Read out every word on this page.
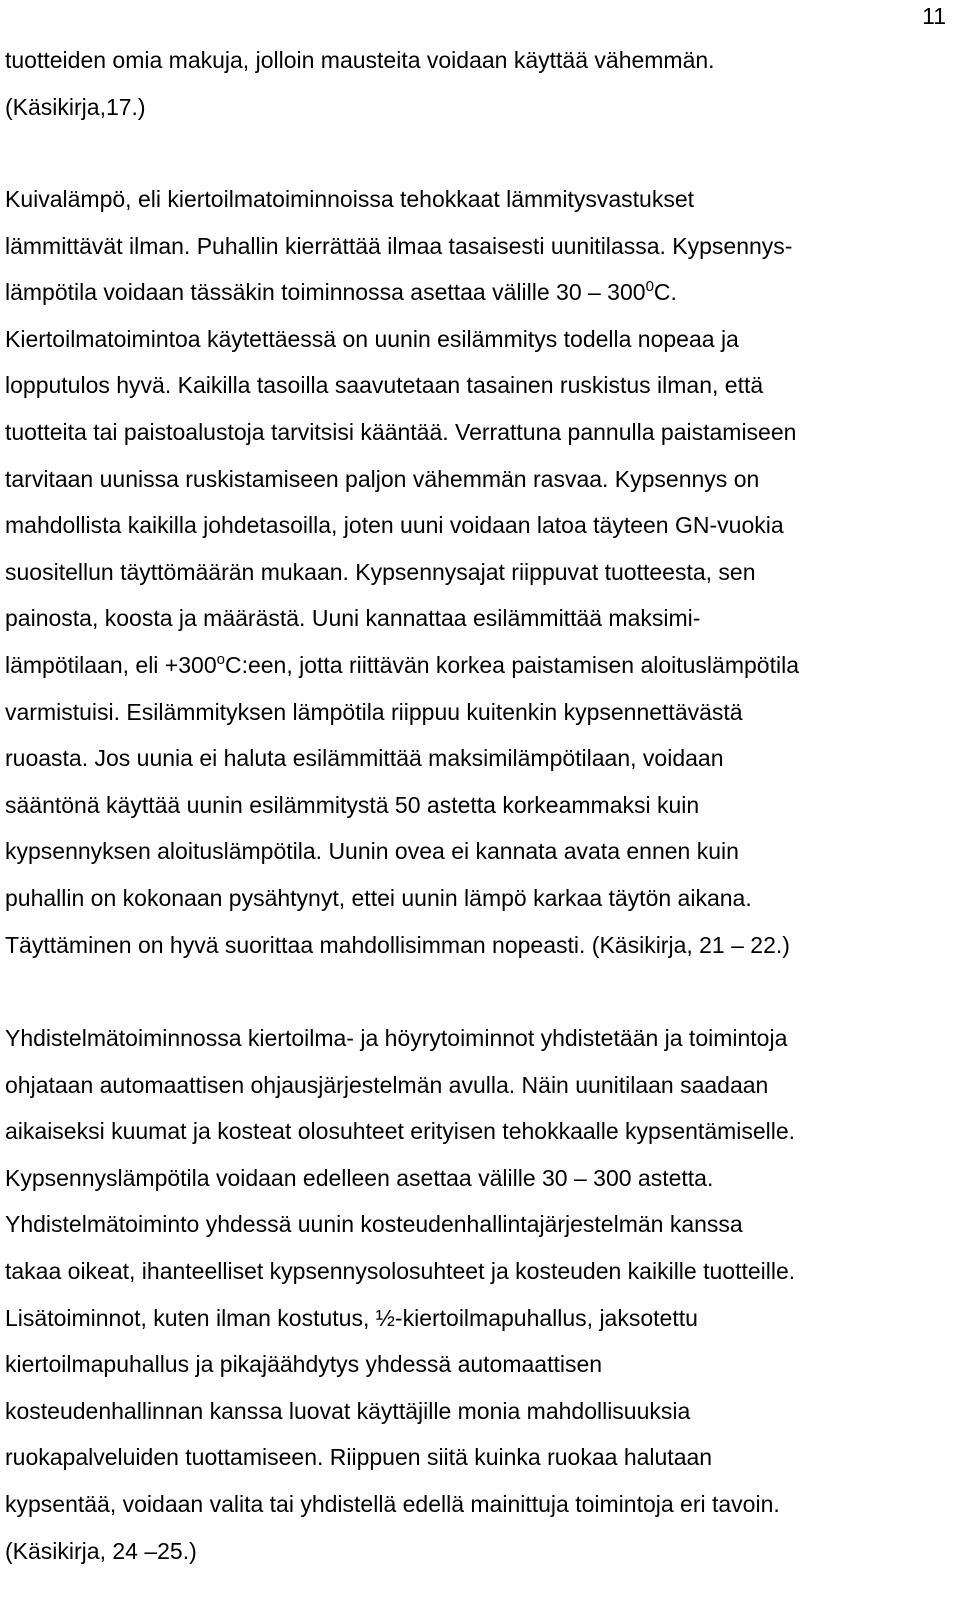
11
tuotteiden omia makuja, jolloin mausteita voidaan käyttää vähemmän.
(Käsikirja,17.)
Kuivalämpö, eli kiertoilmatoiminnoissa tehokkaat lämmitysvastukset
lämmittävät ilman. Puhallin kierrättää ilmaa tasaisesti uunitilassa. Kypsennys-
lämpötila voidaan tässäkin toiminnossa asettaa välille $30 - 300^0C$.
Kiertoilmatoimintoa käytettäessä on uunin esilämmitys todella nopeaa ja
lopputulos hyvä. Kaikilla tasoilla saavutetaan tasainen ruskistus ilman, että
tuotteita tai paistoalustoja tarvitsisi kääntää. Verrattuna pannulla paistamiseen
tarvitaan uunissa ruskistamiseen paljon vähemmän rasvaa. Kypsennys on
mahdollista kaikilla johdetasoilla, joten uuni voidaan latoa täyteen GN-vuokia
suositellun täyttömäärän mukaan. Kypsennysajat riippuvat tuotteesta, sen
painosta, koosta ja määrästä. Uuni kannattaa esilämmittää maksimi-
lämpötilaan, eli $+300^oC:een$, jotta riittävän korkea paistamisen aloituslämpötila
varmistuisi. Esilämmityksen lämpötila riippuu kuitenkin kypsennettävästä
ruoasta. Jos uunia ei haluta esilämmittää maksimilämpötilaan, voidaan
sääntönä käyttää uunin esilämmitystä 50 astetta korkeammaksi kuin
kypsennyksen aloituslämpötila. Uunin ovea ei kannata avata ennen kuin
puhallin on kokonaan pysähtynyt, ettei uunin lämpö karkaa täytön aikana.
Täyttäminen on hyvä suorittaa mahdollisimman nopeasti. (Käsikirja, 21 – 22.)
Yhdistelmätoiminnossa kiertoilma- ja höyrytoiminnot yhdistetään ja toimintoja
ohjataan automaattisen ohjausjärjestelmän avulla. Näin uunitilaan saadaan
aikaiseksi kuumat ja kosteat olosuhteet erityisen tehokkaalle kypsentämiselle.
Kypsennyslämpötila voidaan edelleen asettaa välille 30 – 300 astetta.
Yhdistelmätoiminto yhdessä uunin kosteudenhallintajärjestelmän kanssa
takaa oikeat, ihanteelliset kypsennysolosuhteet ja kosteuden kaikille tuotteille.
Lisätoiminnot, kuten ilman kostutus, ½-kiertoilmapuhallus, jaksotettu
kiertoilmapuhallus ja pikajäähdytys yhdessä automaattisen
kosteudenhallinnan kanssa luovat käyttäjille monia mahdollisuuksia
ruokapalveluiden tuottamiseen. Riippuen siitä kuinka ruokaa halutaan
kypsentää, voidaan valita tai yhdistellä edellä mainittuja toimintoja eri tavoin.
(Käsikirja, 24 –25.)
